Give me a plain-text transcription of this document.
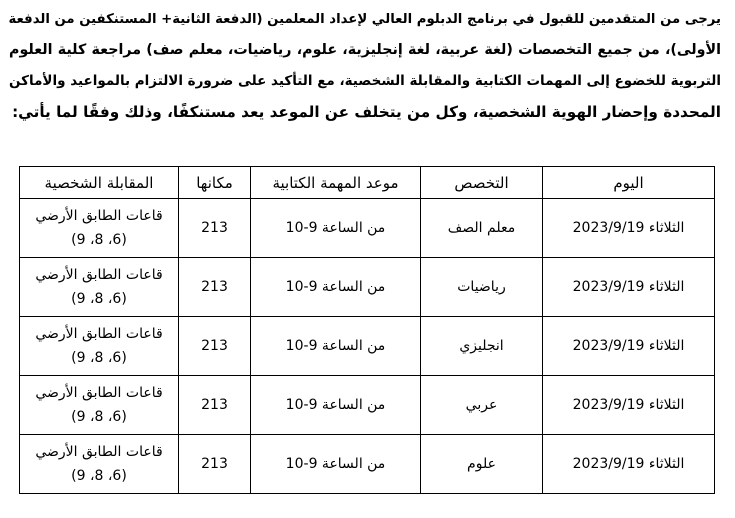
يرجى من المتقدمين للقبول في برنامج الدبلوم العالي لإعداد المعلمين (الدفعة الثانية+ المستنكفين من الدفعة
الأولى)، من جميع التخصصات (لغة عربية، لغة إنجليزية، علوم، رياضيات، معلم صف) مراجعة كلية العلوم
التربوية للخضوع إلى المهمات الكتابية والمقابلة الشخصية، مع التأكيد على ضرورة الالتزام بالمواعيد والأماكن
المحددة وإحضار الهوية الشخصية، وكل من يتخلف عن الموعد يعد مستنكفًا، وذلك وفقًا لما يأتي:
اليوم	التخصص	موعد المهمة الكتابية	مكانها	المقابلة الشخصية
الثلاثاء 2023/9/19	معلم الصف	من الساعة 9-10	213	قاعات الطابق الأرضي
(6، 8، 9)

الثلاثاء 2023/9/19	رياضيات	من الساعة 9-10	213	قاعات الطابق الأرضي
(6، 8، 9)

الثلاثاء 2023/9/19	انجليزي	من الساعة 9-10	213	قاعات الطابق الأرضي
(6، 8، 9)

الثلاثاء 2023/9/19	عربي	من الساعة 9-10	213	قاعات الطابق الأرضي
(6، 8، 9)

الثلاثاء 2023/9/19	علوم	من الساعة 9-10	213	قاعات الطابق الأرضي
(6، 8، 9)
